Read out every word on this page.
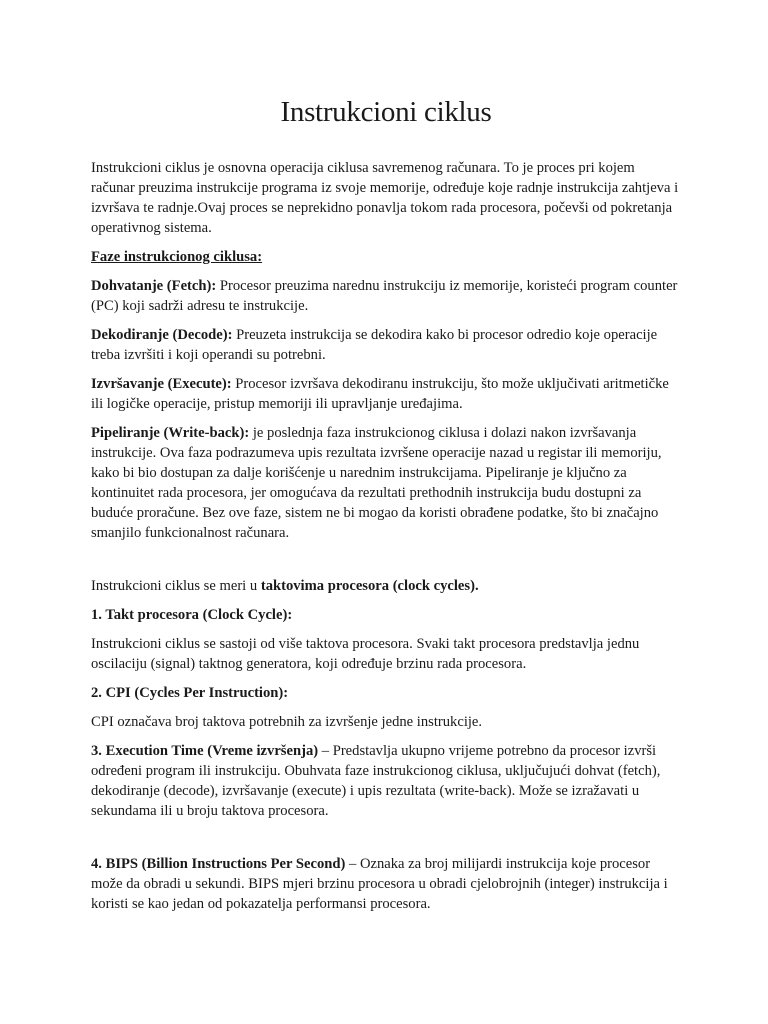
Instrukcioni ciklus

Instrukcioni ciklus je osnovna operacija ciklusa savremenog računara. To je proces pri kojem računar preuzima instrukcije programa iz svoje memorije, određuje koje radnje instrukcija zahtjeva i izvršava te radnje.Ovaj proces se neprekidno ponavlja tokom rada procesora, počevši od pokretanja operativnog sistema.

Faze instrukcionog ciklusa:

Dohvatanje (Fetch): Procesor preuzima narednu instrukciju iz memorije, koristeći program counter (PC) koji sadrži adresu te instrukcije.

Dekodiranje (Decode): Preuzeta instrukcija se dekodira kako bi procesor odredio koje operacije treba izvršiti i koji operandi su potrebni.

Izvršavanje (Execute): Procesor izvršava dekodiranu instrukciju, što može uključivati aritmetičke ili logičke operacije, pristup memoriji ili upravljanje uređajima.

Pipeliranje (Write-back): je poslednja faza instrukcionog ciklusa i dolazi nakon izvršavanja instrukcije. Ova faza podrazumeva upis rezultata izvršene operacije nazad u registar ili memoriju, kako bi bio dostupan za dalje korišćenje u narednim instrukcijama. Pipeliranje je ključno za kontinuitet rada procesora, jer omogućava da rezultati prethodnih instrukcija budu dostupni za buduće proračune. Bez ove faze, sistem ne bi mogao da koristi obrađene podatke, što bi značajno smanjilo funkcionalnost računara.

Instrukcioni ciklus se meri u taktovima procesora (clock cycles).

1. Takt procesora (Clock Cycle):

Instrukcioni ciklus se sastoji od više taktova procesora. Svaki takt procesora predstavlja jednu oscilaciju (signal) taktnog generatora, koji određuje brzinu rada procesora.

2. CPI (Cycles Per Instruction):

CPI označava broj taktova potrebnih za izvršenje jedne instrukcije.

3. Execution Time (Vreme izvršenja) – Predstavlja ukupno vrijeme potrebno da procesor izvrši određeni program ili instrukciju. Obuhvata faze instrukcionog ciklusa, uključujući dohvat (fetch), dekodiranje (decode), izvršavanje (execute) i upis rezultata (write-back). Može se izražavati u sekundama ili u broju taktova procesora.

4. BIPS (Billion Instructions Per Second) – Oznaka za broj milijardi instrukcija koje procesor može da obradi u sekundi. BIPS mjeri brzinu procesora u obradi cjelobrojnih (integer) instrukcija i koristi se kao jedan od pokazatelja performansi procesora.
